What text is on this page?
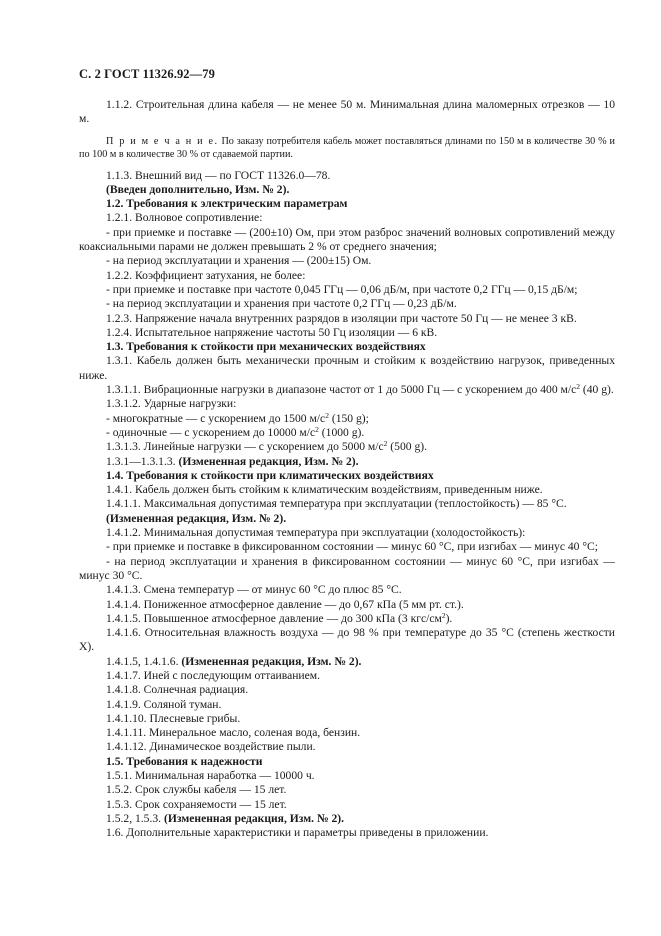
С. 2 ГОСТ 11326.92—79

1.1.2. Строительная длина кабеля — не менее 50 м. Минимальная длина маломерных отрезков — 10 м.

П р и м е ч а н и е. По заказу потребителя кабель может поставляться длинами по 150 м в количестве 30 % и по 100 м в количестве 30 % от сдаваемой партии.

1.1.3. Внешний вид — по ГОСТ 11326.0—78.

(Введен дополнительно, Изм. № 2).

1.2. Требования к электрическим параметрам

1.2.1. Волновое сопротивление:

- при приемке и поставке — (200±10) Ом, при этом разброс значений волновых сопротивлений между коаксиальными парами не должен превышать 2 % от среднего значения;

- на период эксплуатации и хранения — (200±15) Ом.

1.2.2. Коэффициент затухания, не более:

- при приемке и поставке при частоте 0,045 ГГц — 0,06 дБ/м, при частоте 0,2 ГГц — 0,15 дБ/м;

- на период эксплуатации и хранения при частоте 0,2 ГГц — 0,23 дБ/м.

1.2.3. Напряжение начала внутренних разрядов в изоляции при частоте 50 Гц — не менее 3 кВ.

1.2.4. Испытательное напряжение частоты 50 Гц изоляции — 6 кВ.

1.3. Требования к стойкости при механических воздействиях

1.3.1. Кабель должен быть механически прочным и стойким к воздействию нагрузок, приведенных ниже.

1.3.1.1. Вибрационные нагрузки в диапазоне частот от 1 до 5000 Гц — с ускорением до 400 $м/с^2$ (40 g).

1.3.1.2. Ударные нагрузки:

- многократные — с ускорением до 1500 $м/с^2$ (150 g);

- одиночные — с ускорением до 10000 $м/с^2$ (1000 g).

1.3.1.3. Линейные нагрузки — с ускорением до 5000 $м/с^2$ (500 g).

1.3.1—1.3.1.3. (Измененная редакция, Изм. № 2).

1.4. Требования к стойкости при климатических воздействиях

1.4.1. Кабель должен быть стойким к климатическим воздействиям, приведенным ниже.

1.4.1.1. Максимальная допустимая температура при эксплуатации (теплостойкость) — 85 °С.

(Измененная редакция, Изм. № 2).

1.4.1.2. Минимальная допустимая температура при эксплуатации (холодостойкость):

- при приемке и поставке в фиксированном состоянии — минус 60 °С, при изгибах — минус 40 °С;

- на период эксплуатации и хранения в фиксированном состоянии — минус 60 °С, при изгибах — минус 30 °С.

1.4.1.3. Смена температур — от минус 60 °С до плюс 85 °С.

1.4.1.4. Пониженное атмосферное давление — до 0,67 кПа (5 мм рт. ст.).

1.4.1.5. Повышенное атмосферное давление — до 300 кПа (3 кгс/$см^2$).

1.4.1.6. Относительная влажность воздуха — до 98 % при температуре до 35 °С (степень жесткости X).

1.4.1.5, 1.4.1.6. (Измененная редакция, Изм. № 2).

1.4.1.7. Иней с последующим оттаиванием.

1.4.1.8. Солнечная радиация.

1.4.1.9. Соляной туман.

1.4.1.10. Плесневые грибы.

1.4.1.11. Минеральное масло, соленая вода, бензин.

1.4.1.12. Динамическое воздействие пыли.

1.5. Требования к надежности

1.5.1. Минимальная наработка — 10000 ч.

1.5.2. Срок службы кабеля — 15 лет.

1.5.3. Срок сохраняемости — 15 лет.

1.5.2, 1.5.3. (Измененная редакция, Изм. № 2).

1.6. Дополнительные характеристики и параметры приведены в приложении.
